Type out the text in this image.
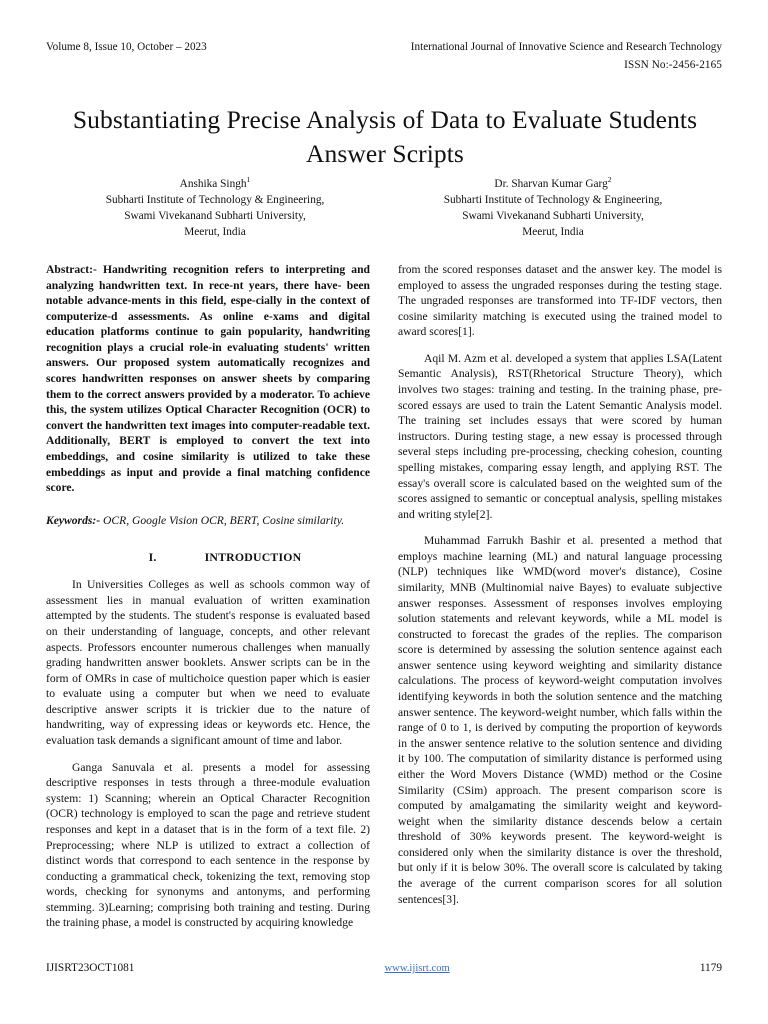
Volume 8, Issue 10, October – 2023	International Journal of Innovative Science and Research Technology
ISSN No:-2456-2165
Substantiating Precise Analysis of Data to Evaluate Students Answer Scripts
Anshika Singh$^1$
Subharti Institute of Technology & Engineering,
Swami Vivekanand Subharti University,
Meerut, India
Dr. Sharvan Kumar Garg$^2$
Subharti Institute of Technology & Engineering,
Swami Vivekanand Subharti University,
Meerut, India

Abstract:- Handwriting recognition refers to interpreting and analyzing handwritten text. In rece-nt years, there have- been notable advance-ments in this field, espe-cially in the context of computerize-d assessments. As online e-xams and digital education platforms continue to gain popularity, handwriting recognition plays a crucial role-in evaluating students' written answers. Our proposed system automatically recognizes and scores handwritten responses on answer sheets by comparing them to the correct answers provided by a moderator. To achieve this, the system utilizes Optical Character Recognition (OCR) to convert the handwritten text images into computer-readable text. Additionally, BERT is employed to convert the text into embeddings, and cosine similarity is utilized to take these embeddings as input and provide a final matching confidence score.

Keywords:- OCR, Google Vision OCR, BERT, Cosine similarity.

I.	INTRODUCTION

In Universities Colleges as well as schools common way of assessment lies in manual evaluation of written examination attempted by the students. The student's response is evaluated based on their understanding of language, concepts, and other relevant aspects. Professors encounter numerous challenges when manually grading handwritten answer booklets. Answer scripts can be in the form of OMRs in case of multichoice question paper which is easier to evaluate using a computer but when we need to evaluate descriptive answer scripts it is trickier due to the nature of handwriting, way of expressing ideas or keywords etc. Hence, the evaluation task demands a significant amount of time and labor.

Ganga Sanuvala et al. presents a model for assessing descriptive responses in tests through a three-module evaluation system: 1) Scanning; wherein an Optical Character Recognition (OCR) technology is employed to scan the page and retrieve student responses and kept in a dataset that is in the form of a text file. 2) Preprocessing; where NLP is utilized to extract a collection of distinct words that correspond to each sentence in the response by conducting a grammatical check, tokenizing the text, removing stop words, checking for synonyms and antonyms, and performing stemming. 3)Learning; comprising both training and testing. During the training phase, a model is constructed by acquiring knowledge

from the scored responses dataset and the answer key. The model is employed to assess the ungraded responses during the testing stage. The ungraded responses are transformed into TF-IDF vectors, then cosine similarity matching is executed using the trained model to award scores[1].

Aqil M. Azm et al. developed a system that applies LSA(Latent Semantic Analysis), RST(Rhetorical Structure Theory), which involves two stages: training and testing. In the training phase, pre-scored essays are used to train the Latent Semantic Analysis model. The training set includes essays that were scored by human instructors. During testing stage, a new essay is processed through several steps including pre-processing, checking cohesion, counting spelling mistakes, comparing essay length, and applying RST. The essay's overall score is calculated based on the weighted sum of the scores assigned to semantic or conceptual analysis, spelling mistakes and writing style[2].

Muhammad Farrukh Bashir et al. presented a method that employs machine learning (ML) and natural language processing (NLP) techniques like WMD(word mover's distance), Cosine similarity, MNB (Multinomial naive Bayes) to evaluate subjective answer responses. Assessment of responses involves employing solution statements and relevant keywords, while a ML model is constructed to forecast the grades of the replies. The comparison score is determined by assessing the solution sentence against each answer sentence using keyword weighting and similarity distance calculations. The process of keyword-weight computation involves identifying keywords in both the solution sentence and the matching answer sentence. The keyword-weight number, which falls within the range of 0 to 1, is derived by computing the proportion of keywords in the answer sentence relative to the solution sentence and dividing it by 100. The computation of similarity distance is performed using either the Word Movers Distance (WMD) method or the Cosine Similarity (CSim) approach. The present comparison score is computed by amalgamating the similarity weight and keyword-weight when the similarity distance descends below a certain threshold of 30% keywords present. The keyword-weight is considered only when the similarity distance is over the threshold, but only if it is below 30%. The overall score is calculated by taking the average of the current comparison scores for all solution sentences[3].

IJISRT23OCT1081	www.ijisrt.com	1179
